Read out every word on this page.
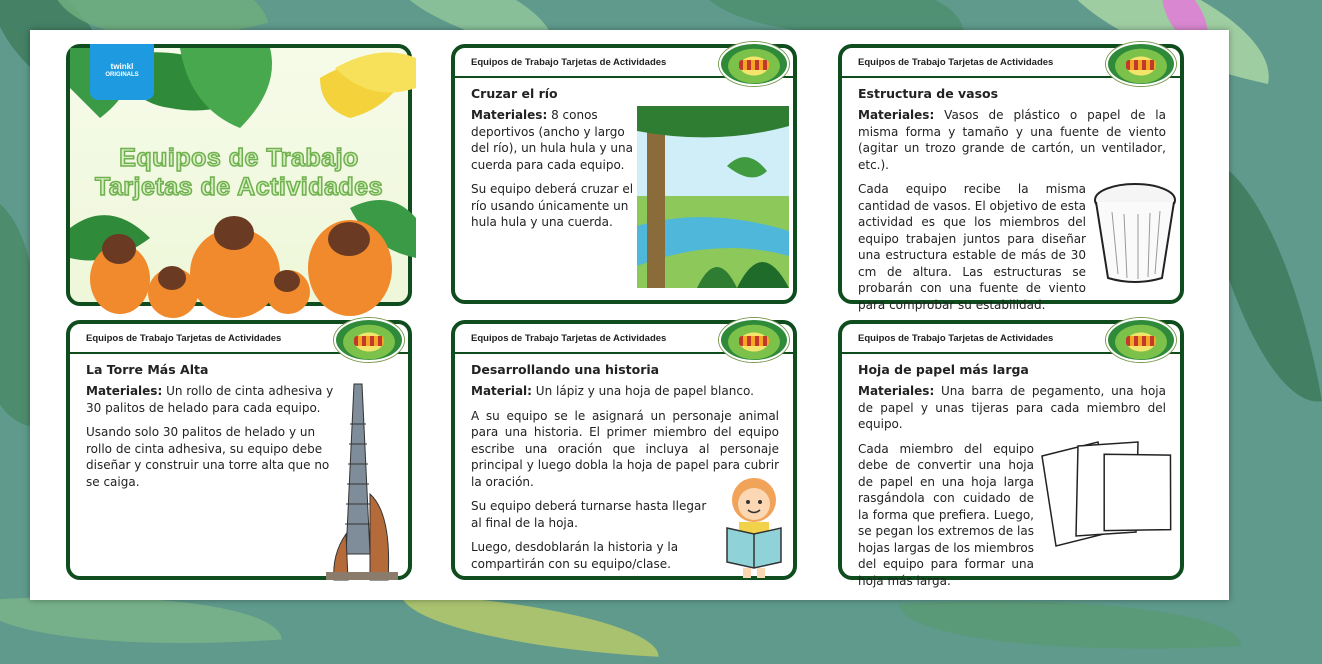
twinkl
ORIGINALS
Equipos de Trabajo
Tarjetas de Actividades
Equipos de Trabajo Tarjetas de Actividades
Cruzar el río

Materiales: 8 conos deportivos (ancho y largo del río), un hula hula y una cuerda para cada equipo.

Su equipo deberá cruzar el río usando únicamente un hula hula y una cuerda.

Equipos de Trabajo Tarjetas de Actividades
Estructura de vasos

Materiales: Vasos de plástico o papel de la misma forma y tamaño y una fuente de viento (agitar un trozo grande de cartón, un ventilador, etc.).

Cada equipo recibe la misma cantidad de vasos. El objetivo de esta actividad es que los miembros del equipo trabajen juntos para diseñar una estructura estable de más de 30 cm de altura. Las estructuras se probarán con una fuente de viento para comprobar su estabilidad.

Equipos de Trabajo Tarjetas de Actividades
La Torre Más Alta

Materiales: Un rollo de cinta adhesiva y 30 palitos de helado para cada equipo.

Usando solo 30 palitos de helado y un rollo de cinta adhesiva, su equipo debe diseñar y construir una torre alta que no se caiga.

Equipos de Trabajo Tarjetas de Actividades
Desarrollando una historia

Material: Un lápiz y una hoja de papel blanco.

A su equipo se le asignará un personaje animal para una historia. El primer miembro del equipo escribe una oración que incluya al personaje principal y luego dobla la hoja de papel para cubrir la oración.

Su equipo deberá turnarse hasta llegar al final de la hoja.

Luego, desdoblarán la historia y la compartirán con su equipo/clase.

Equipos de Trabajo Tarjetas de Actividades
Hoja de papel más larga

Materiales: Una barra de pegamento, una hoja de papel y unas tijeras para cada miembro del equipo.

Cada miembro del equipo debe de convertir una hoja de papel en una hoja larga rasgándola con cuidado de la forma que prefiera. Luego, se pegan los extremos de las hojas largas de los miembros del equipo para formar una hoja más larga.
